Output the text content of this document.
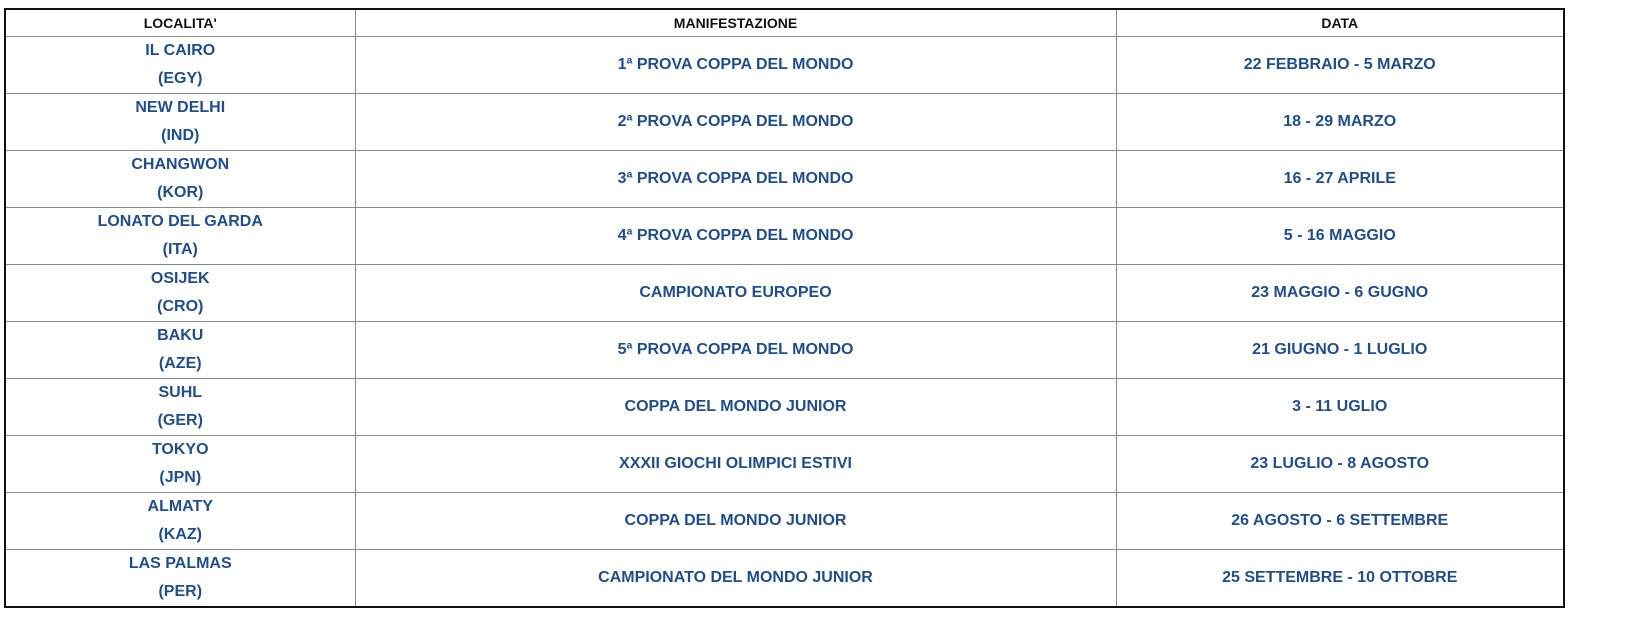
LOCALITA'	MANIFESTAZIONE	DATA

IL CAIRO
(EGY)	1ª PROVA COPPA DEL MONDO	22 FEBBRAIO - 5 MARZO

NEW DELHI
(IND)	2ª PROVA COPPA DEL MONDO	18 - 29 MARZO

CHANGWON
(KOR)	3ª PROVA COPPA DEL MONDO	16 - 27 APRILE

LONATO DEL GARDA
(ITA)	4ª PROVA COPPA DEL MONDO	5 - 16 MAGGIO

OSIJEK
(CRO)	CAMPIONATO EUROPEO	23 MAGGIO - 6 GUGNO

BAKU
(AZE)	5ª PROVA COPPA DEL MONDO	21 GIUGNO - 1 LUGLIO

SUHL
(GER)	COPPA DEL MONDO JUNIOR	3 - 11 UGLIO

TOKYO
(JPN)	XXXII GIOCHI OLIMPICI ESTIVI	23 LUGLIO - 8 AGOSTO

ALMATY
(KAZ)	COPPA DEL MONDO JUNIOR	26 AGOSTO - 6 SETTEMBRE

LAS PALMAS
(PER)	CAMPIONATO DEL MONDO JUNIOR	25 SETTEMBRE - 10 OTTOBRE
